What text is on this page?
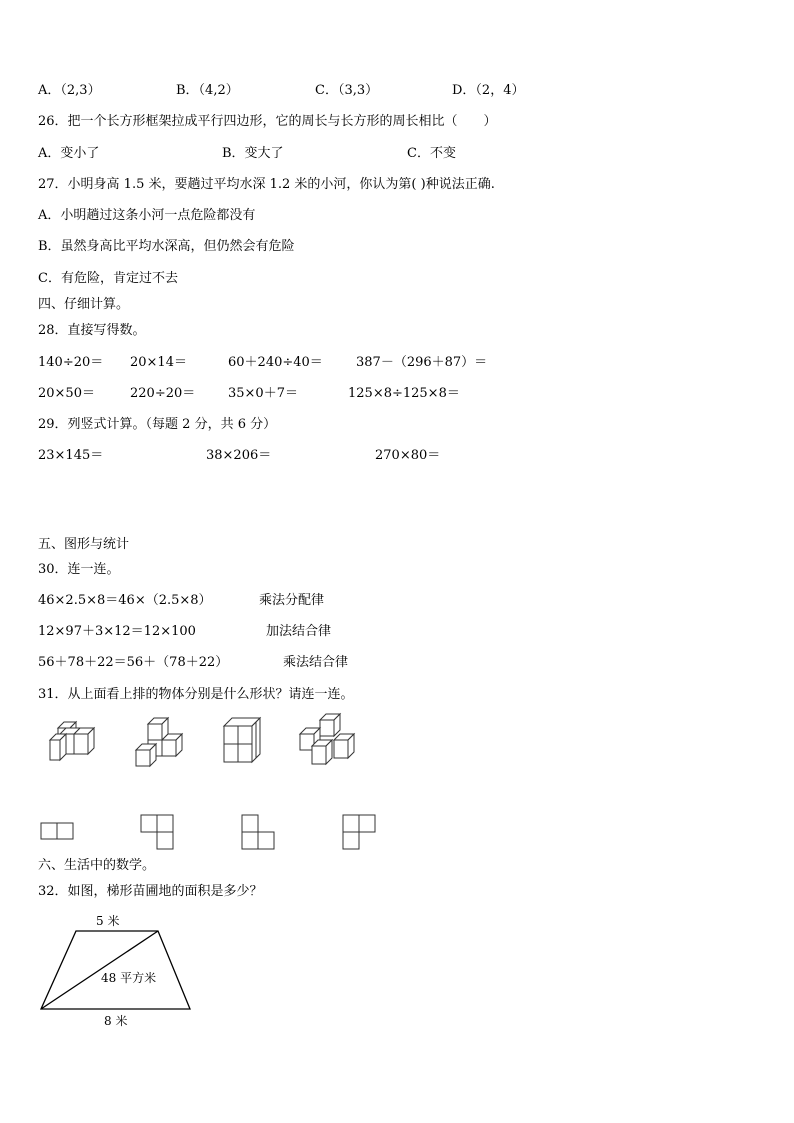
A．（2,3）	B．（4,2）	C．（3,3）	D．（2，4）
26．把一个长方形框架拉成平行四边形，它的周长与长方形的周长相比（　　）
A．变小了	B．变大了	C．不变
27．小明身高 1.5 米，要趟过平均水深 1.2 米的小河，你认为第( )种说法正确.
A．小明趟过这条小河一点危险都没有
B．虽然身高比平均水深高，但仍然会有危险
C．有危险，肯定过不去
四、仔细计算。
28．直接写得数。
140÷20＝ 20×14＝	60＋240÷40＝	387－（296＋87）＝
20×50＝	220÷20＝	35×0＋7＝	125×8÷125×8＝
29．列竖式计算。（每题 2 分，共 6 分）
23×145＝	38×206＝	270×80＝
五、图形与统计
30．连一连。
46×2.5×8＝46×（2.5×8）	乘法分配律
12×97＋3×12＝12×100	加法结合律
56＋78＋22＝56＋（78＋22）	乘法结合律
31．从上面看上排的物体分别是什么形状？请连一连。
六、生活中的数学。
32．如图，梯形苗圃地的面积是多少？
5 米
48 平方米
8 米
